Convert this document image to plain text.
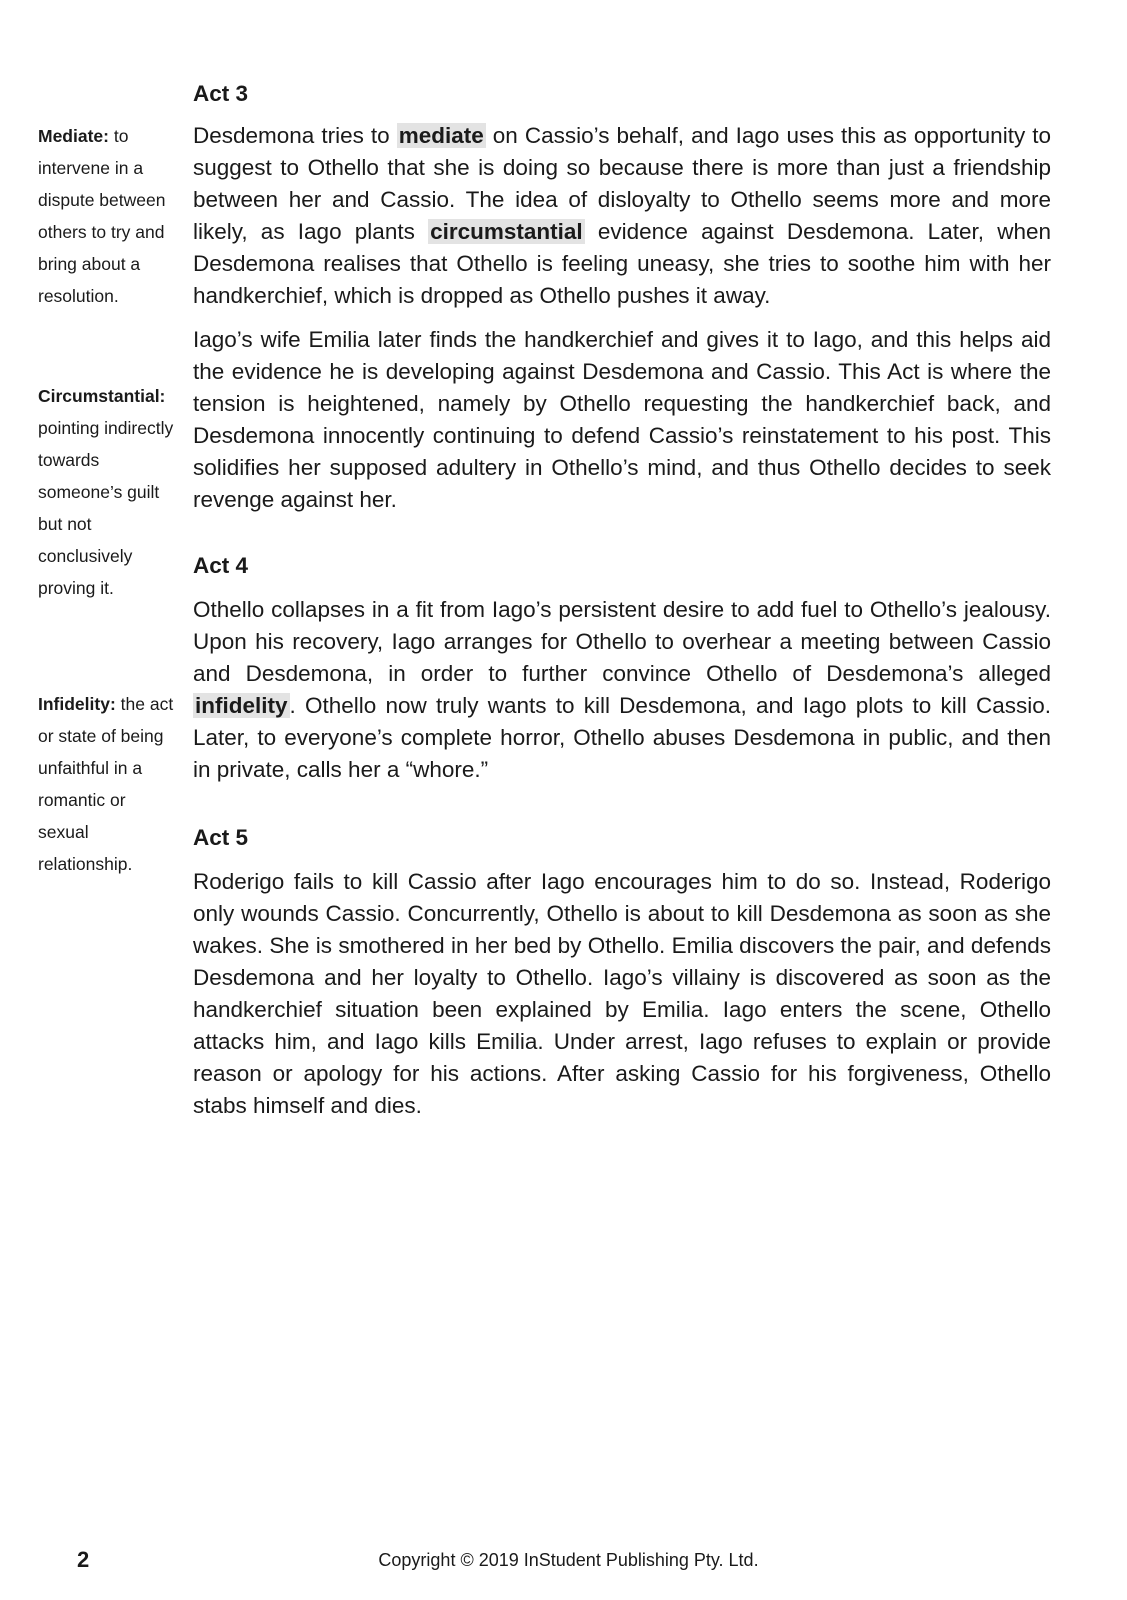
Mediate: to intervene in a dispute between others to try and bring about a resolution.

Circumstantial: pointing indirectly towards someone’s guilt but not conclusively proving it.

Infidelity: the act or state of being unfaithful in a romantic or sexual relationship.

Act 3

Desdemona tries to mediate on Cassio’s behalf, and Iago uses this as opportunity to suggest to Othello that she is doing so because there is more than just a friendship between her and Cassio. The idea of disloyalty to Othello seems more and more likely, as Iago plants circumstantial evidence against Desdemona. Later, when Desdemona realises that Othello is feeling uneasy, she tries to soothe him with her handkerchief, which is dropped as Othello pushes it away.

Iago’s wife Emilia later finds the handkerchief and gives it to Iago, and this helps aid the evidence he is developing against Desdemona and Cassio. This Act is where the tension is heightened, namely by Othello requesting the handkerchief back, and Desdemona innocently continuing to defend Cassio’s reinstatement to his post. This solidifies her supposed adultery in Othello’s mind, and thus Othello decides to seek revenge against her.

Act 4

Othello collapses in a fit from Iago’s persistent desire to add fuel to Othello’s jealousy. Upon his recovery, Iago arranges for Othello to overhear a meeting between Cassio and Desdemona, in order to further convince Othello of Desdemona’s alleged infidelity. Othello now truly wants to kill Desdemona, and Iago plots to kill Cassio. Later, to everyone’s complete horror, Othello abuses Desdemona in public, and then in private, calls her a “whore.”

Act 5

Roderigo fails to kill Cassio after Iago encourages him to do so. Instead, Roderigo only wounds Cassio. Concurrently, Othello is about to kill Desdemona as soon as she wakes. She is smothered in her bed by Othello. Emilia discovers the pair, and defends Desdemona and her loyalty to Othello. Iago’s villainy is discovered as soon as the handkerchief situation been explained by Emilia. Iago enters the scene, Othello attacks him, and Iago kills Emilia. Under arrest, Iago refuses to explain or provide reason or apology for his actions. After asking Cassio for his forgiveness, Othello stabs himself and dies.

2	Copyright © 2019 InStudent Publishing Pty. Ltd.
